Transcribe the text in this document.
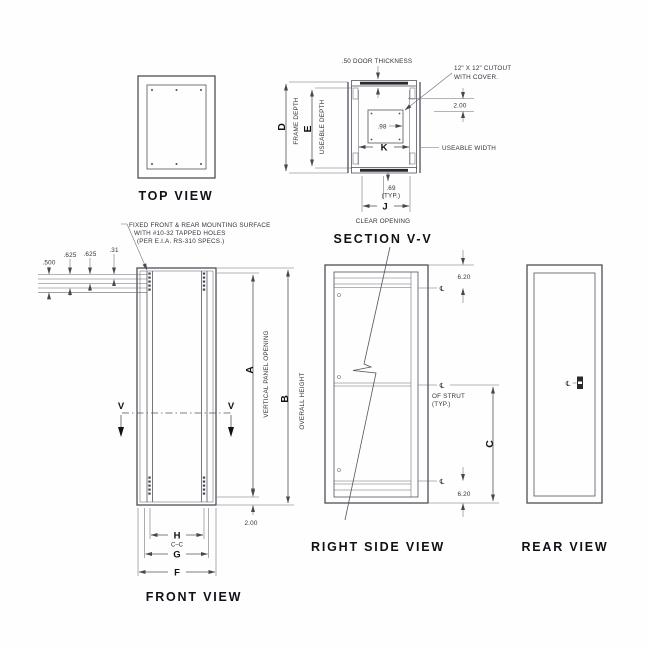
TOP VIEW
.50 DOOR THICKNESS
12" X 12" CUTOUT
WITH COVER.
2.00
.98
K	USEABLE WIDTH
.69
(TYP.)
J
CLEAR OPENING
SECTION V-V
D FRAME DEPTH E USEABLE DEPTH
.500
.625 .625
.31
FIXED FRONT & REAR MOUNTING SURFACE
WITH #10-32 TAPPED HOLES
(PER E.I.A. RS-310 SPECS.)
V	V
A VERTICAL PANEL OPENING B OVERALL HEIGHT
2.00
H
C–C
G
F
FRONT VIEW
℄
6.20
℄
OF STRUT
(TYP.)
C
℄
6.20
RIGHT SIDE VIEW
℄
REAR VIEW
